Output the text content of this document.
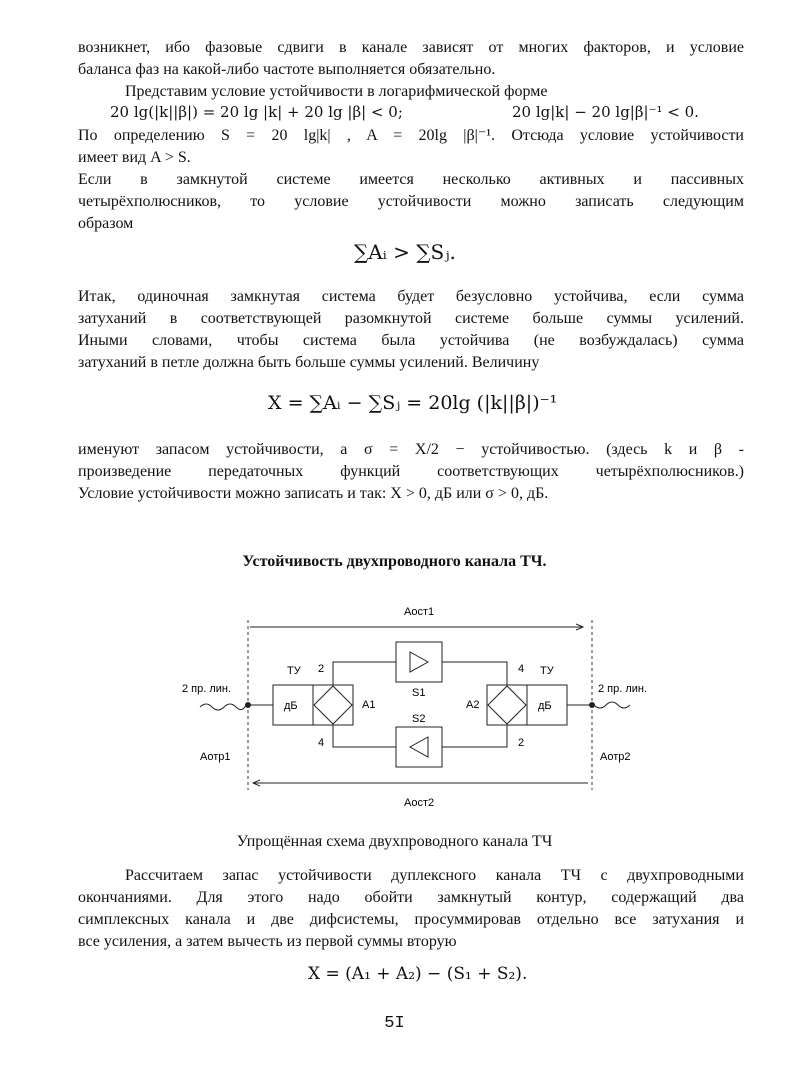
возникнет, ибо фазовые сдвиги в канале зависят от многих факторов, и условие
баланса фаз на какой-либо частоте выполняется обязательно.
Представим условие устойчивости в логарифмической форме
20 lg(|k||β|) = 20 lg |k| + 20 lg |β| < 0;	20 lg|k| − 20 lg|β|⁻¹ < 0.
По определению S = 20 lg|k| , A = 20lg |β|⁻¹. Отсюда условие устойчивости
имеет вид A > S.
Если в замкнутой системе имеется несколько активных и пассивных
четырёхполюсников, то условие устойчивости можно записать следующим
образом
∑Aᵢ > ∑Sⱼ.
Итак, одиночная замкнутая система будет безусловно устойчива, если сумма
затуханий в соответствующей разомкнутой системе больше суммы усилений.
Иными словами, чтобы система была устойчива (не возбуждалась) сумма
затуханий в петле должна быть больше суммы усилений. Величину
X = ∑Aᵢ − ∑Sⱼ = 20lg (|k||β|)⁻¹
именуют запасом устойчивости, а σ = X/2 − устойчивостью. (здесь k и β -
произведение передаточных функций соответствующих четырёхполюсников.)
Условие устойчивости можно записать и так: X > 0, дБ или σ > 0, дБ.
Устойчивость двухпроводного канала ТЧ.
Аост1
Аост2
дБ	A1
ТУ 2
4
дБ
A2
ТУ
4
2
S1
S2
2 пр. лин.	2 пр. лин.
Аотр1	Аотр2
Упрощённая схема двухпроводного канала ТЧ
Рассчитаем запас устойчивости дуплексного канала ТЧ с двухпроводными
окончаниями. Для этого надо обойти замкнутый контур, содержащий два
симплексных канала и две дифсистемы, просуммировав отдельно все затухания и
все усиления, а затем вычесть из первой суммы вторую
X = (A₁ + A₂) − (S₁ + S₂).
5I
